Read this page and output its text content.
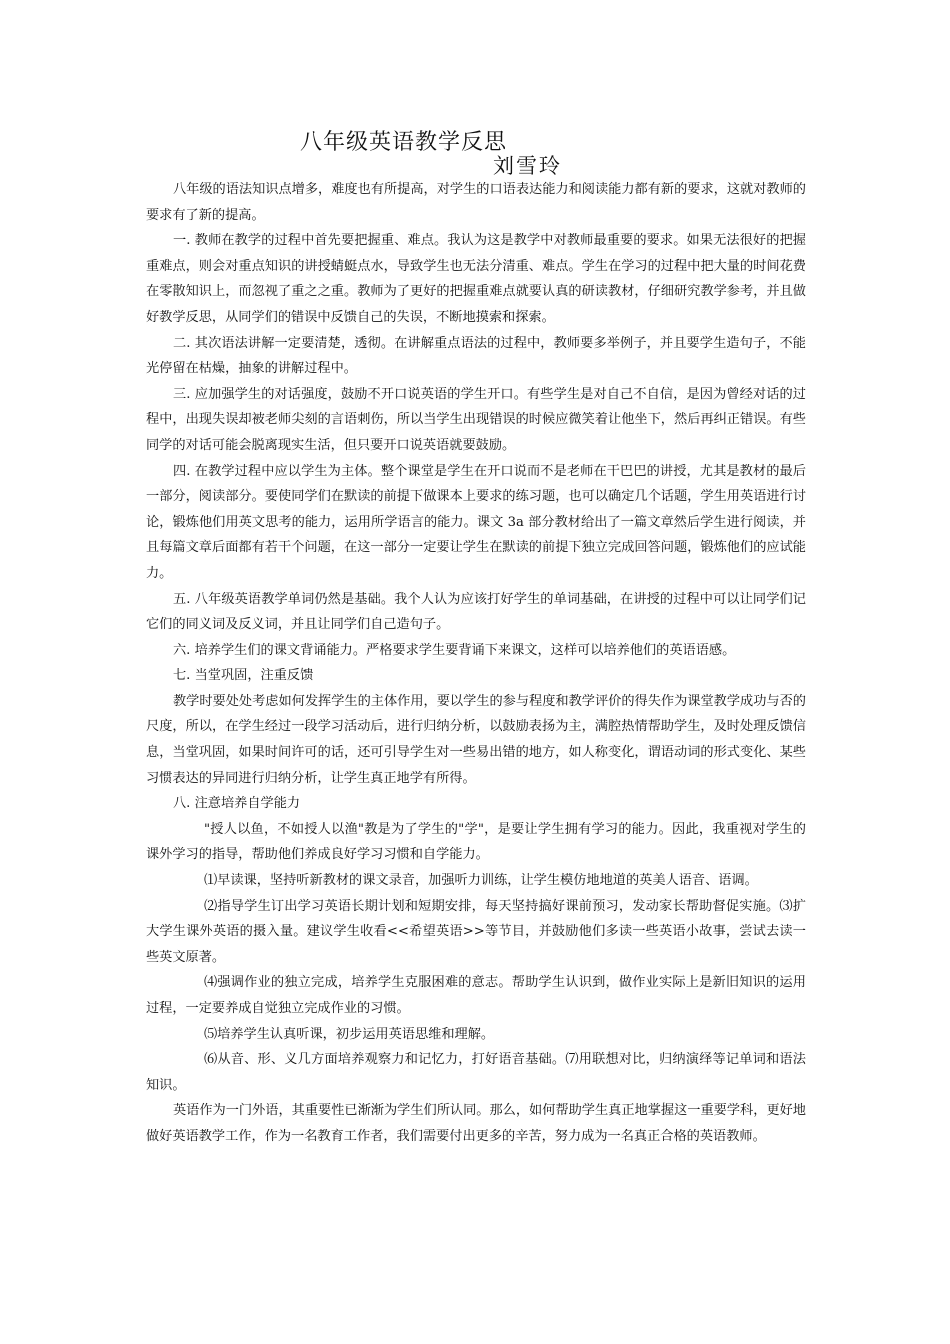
八年级英语教学反思
刘雪玲

八年级的语法知识点增多，难度也有所提高，对学生的口语表达能力和阅读能力都有新的要求，这就对教师的要求有了新的提高。

一. 教师在教学的过程中首先要把握重、难点。我认为这是教学中对教师最重要的要求。如果无法很好的把握重难点，则会对重点知识的讲授蜻蜓点水，导致学生也无法分清重、难点。学生在学习的过程中把大量的时间花费在零散知识上，而忽视了重之之重。教师为了更好的把握重难点就要认真的研读教材，仔细研究教学参考，并且做好教学反思，从同学们的错误中反馈自己的失误，不断地摸索和探索。

二. 其次语法讲解一定要清楚，透彻。在讲解重点语法的过程中，教师要多举例子，并且要学生造句子，不能光停留在枯燥，抽象的讲解过程中。

三. 应加强学生的对话强度，鼓励不开口说英语的学生开口。有些学生是对自己不自信，是因为曾经对话的过程中，出现失误却被老师尖刻的言语刺伤，所以当学生出现错误的时候应微笑着让他坐下，然后再纠正错误。有些同学的对话可能会脱离现实生活，但只要开口说英语就要鼓励。

四. 在教学过程中应以学生为主体。整个课堂是学生在开口说而不是老师在干巴巴的讲授，尤其是教材的最后一部分，阅读部分。要使同学们在默读的前提下做课本上要求的练习题，也可以确定几个话题，学生用英语进行讨论，锻炼他们用英文思考的能力，运用所学语言的能力。课文 3a 部分教材给出了一篇文章然后学生进行阅读，并且每篇文章后面都有若干个问题，在这一部分一定要让学生在默读的前提下独立完成回答问题，锻炼他们的应试能力。

五. 八年级英语教学单词仍然是基础。我个人认为应该打好学生的单词基础，在讲授的过程中可以让同学们记它们的同义词及反义词，并且让同学们自己造句子。

六. 培养学生们的课文背诵能力。严格要求学生要背诵下来课文，这样可以培养他们的英语语感。

七. 当堂巩固，注重反馈

教学时要处处考虑如何发挥学生的主体作用，要以学生的参与程度和教学评价的得失作为课堂教学成功与否的尺度，所以，在学生经过一段学习活动后，进行归纳分析，以鼓励表扬为主，满腔热情帮助学生，及时处理反馈信息，当堂巩固，如果时间许可的话，还可引导学生对一些易出错的地方，如人称变化，谓语动词的形式变化、某些习惯表达的异同进行归纳分析，让学生真正地学有所得。

八. 注意培养自学能力

"授人以鱼，不如授人以渔"教是为了学生的"学"，是要让学生拥有学习的能力。因此，我重视对学生的课外学习的指导，帮助他们养成良好学习习惯和自学能力。

⑴早读课，坚持听新教材的课文录音，加强听力训练，让学生模仿地地道的英美人语音、语调。

⑵指导学生订出学习英语长期计划和短期安排，每天坚持搞好课前预习，发动家长帮助督促实施。⑶扩大学生课外英语的摄入量。建议学生收看<<希望英语>>等节目，并鼓励他们多读一些英语小故事，尝试去读一些英文原著。

⑷强调作业的独立完成，培养学生克服困难的意志。帮助学生认识到，做作业实际上是新旧知识的运用过程，一定要养成自觉独立完成作业的习惯。

⑸培养学生认真听课，初步运用英语思维和理解。

⑹从音、形、义几方面培养观察力和记忆力，打好语音基础。⑺用联想对比，归纳演绎等记单词和语法知识。

英语作为一门外语，其重要性已渐渐为学生们所认同。那么，如何帮助学生真正地掌握这一重要学科，更好地做好英语教学工作，作为一名教育工作者，我们需要付出更多的辛苦，努力成为一名真正合格的英语教师。
